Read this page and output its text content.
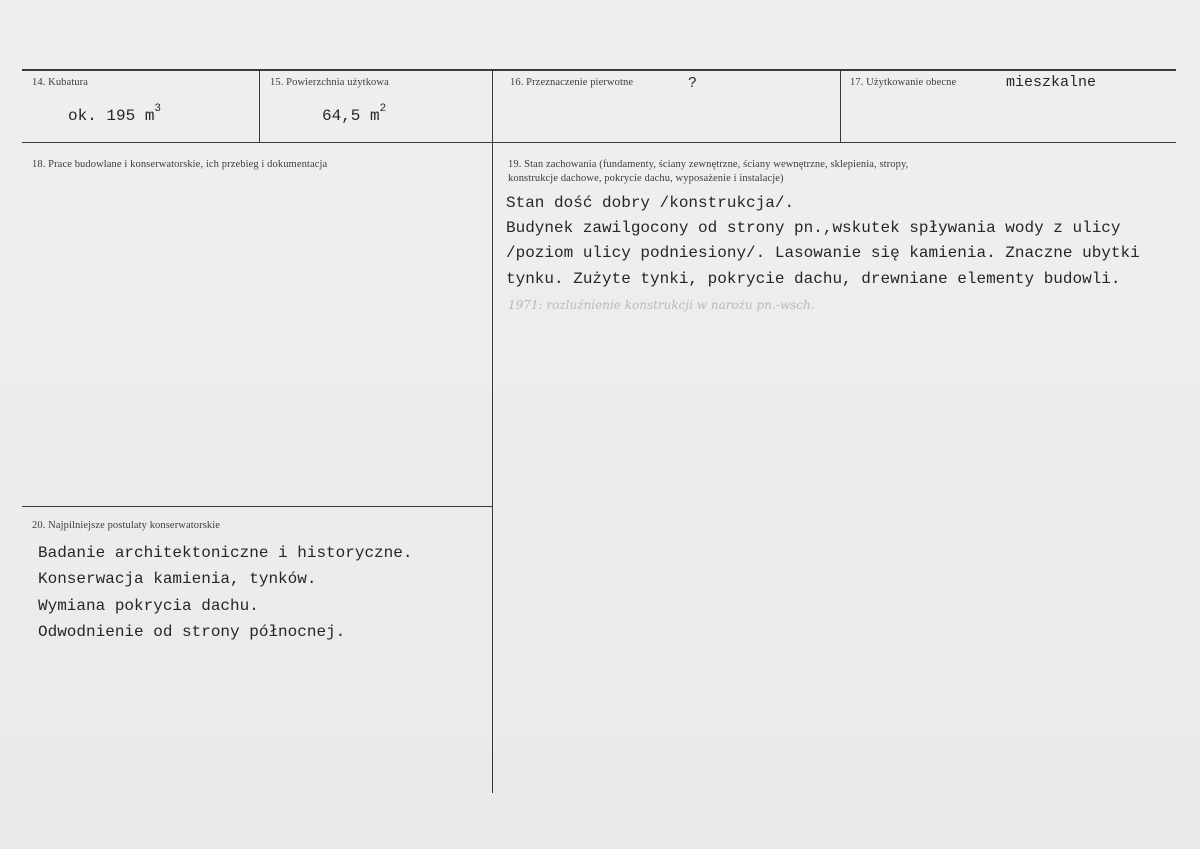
14. Kubatura
ok. 195 $m^3$
15. Powierzchnia użytkowa
64,5 $m^2$
16. Przeznaczenie pierwotne	?	17. Użytkowanie obecne	mieszkalne
18. Prace budowlane i konserwatorskie, ich przebieg i dokumentacja	19. Stan zachowania (fundamenty, ściany zewnętrzne, ściany wewnętrzne, sklepienia, stropy,
konstrukcje dachowe, pokrycie dachu, wyposażenie i instalacje)
Stan dość dobry /konstrukcja/.
Budynek zawilgocony od strony pn.,wskutek spływania wody z ulicy
/poziom ulicy podniesiony/. Lasowanie się kamienia. Znaczne ubytki
tynku. Zużyte tynki, pokrycie dachu, drewniane elementy budowli.
1971: rozluźnienie konstrukcji w narożu pn.-wsch.
20. Najpilniejsze postulaty konserwatorskie
Badanie architektoniczne i historyczne.
Konserwacja kamienia, tynków.
Wymiana pokrycia dachu.
Odwodnienie od strony północnej.
